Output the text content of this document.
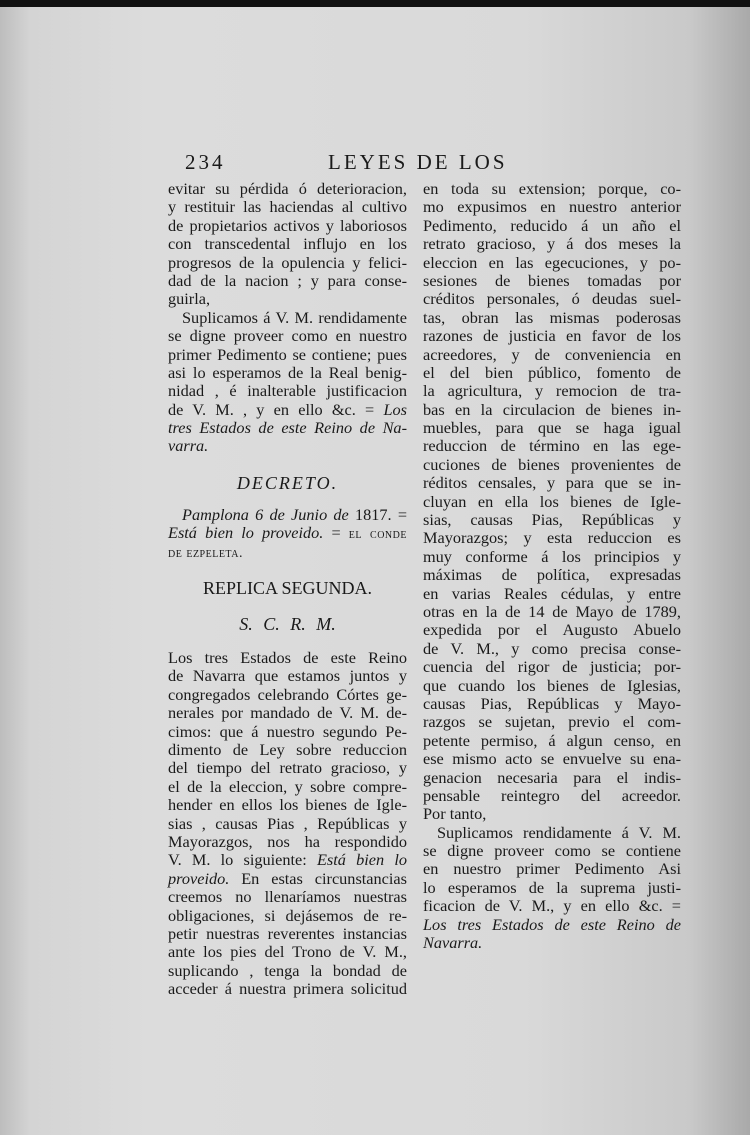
234	LEYES DE LOS
evitar su pérdida ó deterioracion,
y restituir las haciendas al cultivo
de propietarios activos y laboriosos
con transcedental influjo en los
progresos de la opulencia y felici-
dad de la nacion ; y para conse-
guirla,
Suplicamos á V. M. rendidamente
se digne proveer como en nuestro
primer Pedimento se contiene; pues
asi lo esperamos de la Real benig-
nidad , é inalterable justificacion
de V. M. , y en ello &c. = Los
tres Estados de este Reino de Na-
varra.
DECRETO.
Pamplona 6 de Junio de 1817. =
Está bien lo proveido. = el conde
de ezpeleta.
REPLICA SEGUNDA.
S. C. R. M.
Los tres Estados de este Reino
de Navarra que estamos juntos y
congregados celebrando Córtes ge-
nerales por mandado de V. M. de-
cimos: que á nuestro segundo Pe-
dimento de Ley sobre reduccion
del tiempo del retrato gracioso, y
el de la eleccion, y sobre compre-
hender en ellos los bienes de Igle-
sias , causas Pias , Repúblicas y
Mayorazgos, nos ha respondido
V. M. lo siguiente: Está bien lo
proveido. En estas circunstancias
creemos no llenaríamos nuestras
obligaciones, si dejásemos de re-
petir nuestras reverentes instancias
ante los pies del Trono de V. M.,
suplicando , tenga la bondad de
acceder á nuestra primera solicitud
en toda su extension; porque, co-
mo expusimos en nuestro anterior
Pedimento, reducido á un año el
retrato gracioso, y á dos meses la
eleccion en las egecuciones, y po-
sesiones de bienes tomadas por
créditos personales, ó deudas suel-
tas, obran las mismas poderosas
razones de justicia en favor de los
acreedores, y de conveniencia en
el del bien público, fomento de
la agricultura, y remocion de tra-
bas en la circulacion de bienes in-
muebles, para que se haga igual
reduccion de término en las ege-
cuciones de bienes provenientes de
réditos censales, y para que se in-
cluyan en ella los bienes de Igle-
sias, causas Pias, Repúblicas y
Mayorazgos; y esta reduccion es
muy conforme á los principios y
máximas de política, expresadas
en varias Reales cédulas, y entre
otras en la de 14 de Mayo de 1789,
expedida por el Augusto Abuelo
de V. M., y como precisa conse-
cuencia del rigor de justicia; por-
que cuando los bienes de Iglesias,
causas Pias, Repúblicas y Mayo-
razgos se sujetan, previo el com-
petente permiso, á algun censo, en
ese mismo acto se envuelve su ena-
genacion necesaria para el indis-
pensable reintegro del acreedor.
Por tanto,
Suplicamos rendidamente á V. M.
se digne proveer como se contiene
en nuestro primer Pedimento Asi
lo esperamos de la suprema justi-
ficacion de V. M., y en ello &c. =
Los tres Estados de este Reino de
Navarra.
